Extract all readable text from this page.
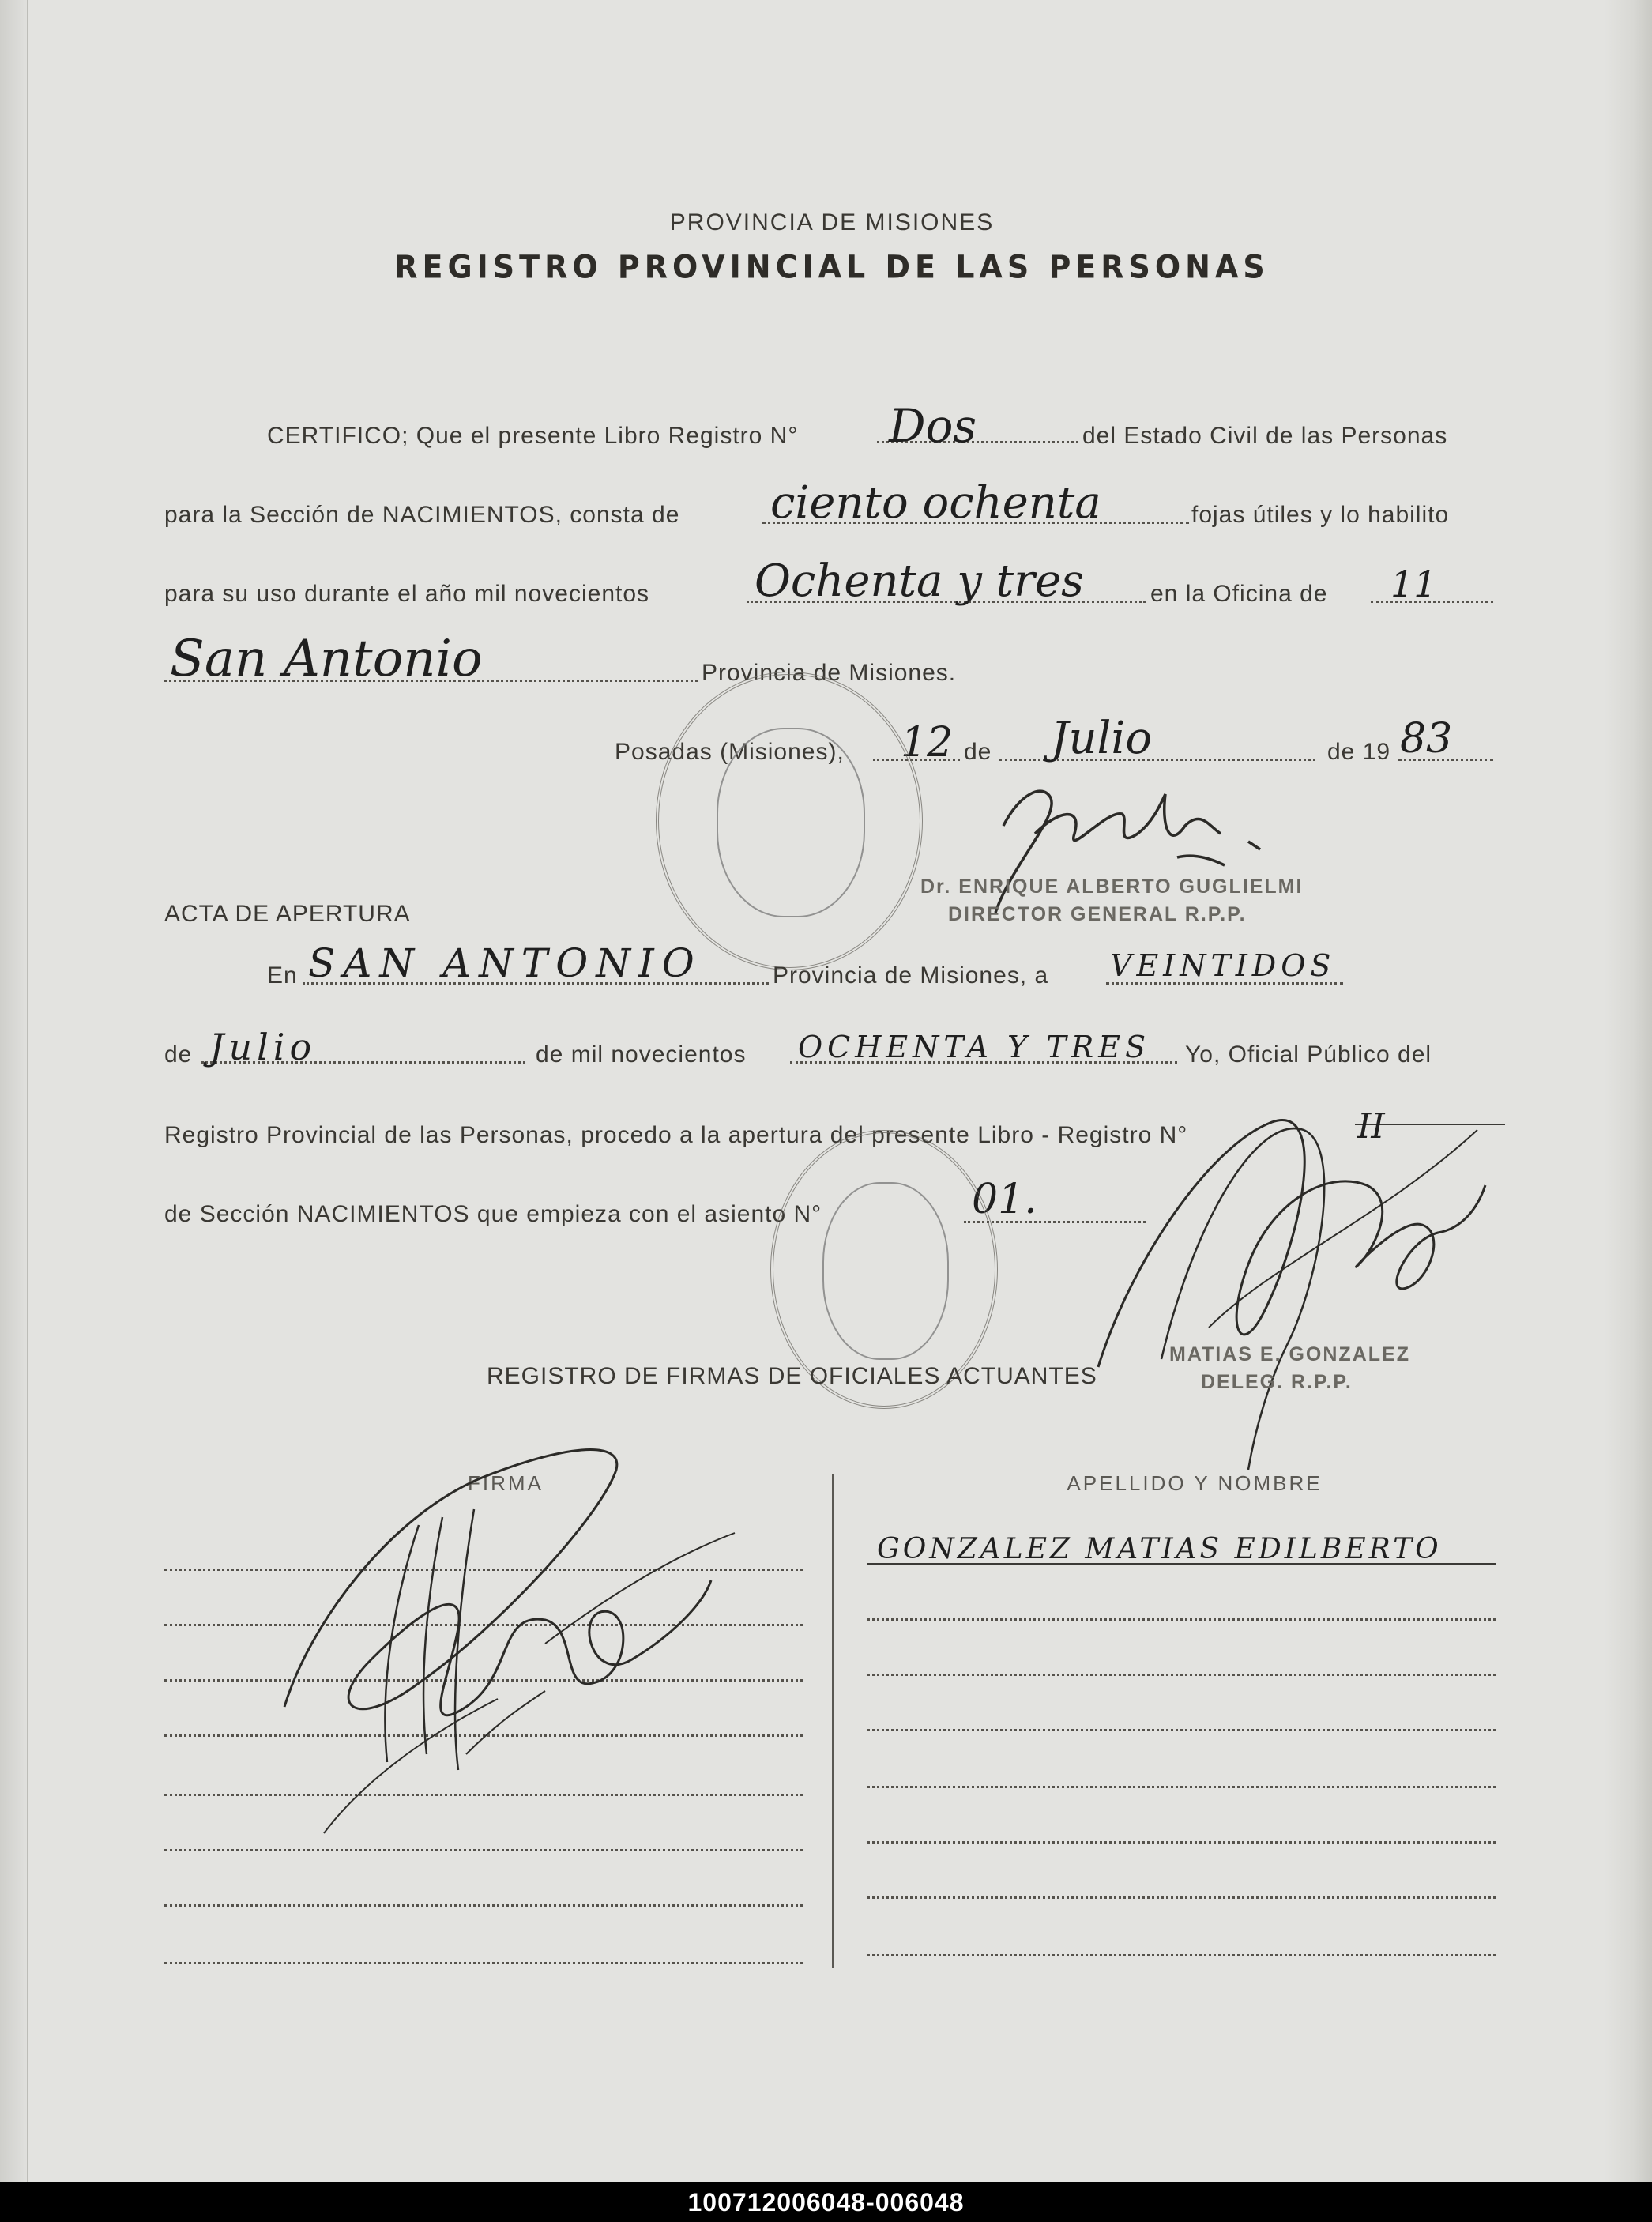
PROVINCIA DE MISIONES
REGISTRO PROVINCIAL DE LAS PERSONAS
CERTIFICO; Que el presente Libro Registro N° Dos	del Estado Civil de las Personas
para la Sección de NACIMIENTOS, consta de ciento ochenta	fojas útiles y lo habilito
para su uso durante el año mil novecientos Ochenta y tres	en la Oficina de 11
San Antonio	Provincia de Misiones.
Posadas (Misiones), 12 de Julio	de 19 83
Dr. ENRIQUE ALBERTO GUGLIELMI
DIRECTOR GENERAL R.P.P.
ACTA DE APERTURA
En SAN ANTONIO	Provincia de Misiones, a VEINTIDOS
de Julio	de mil novecientos OCHENTA Y TRES Yo, Oficial Público del
Registro Provincial de las Personas, procedo a la apertura del presente Libro - Registro N°	II
de Sección NACIMIENTOS que empieza con el asiento N°	01.
MATIAS E. GONZALEZ
DELEG. R.P.P.
REGISTRO DE FIRMAS DE OFICIALES ACTUANTES
FIRMA	APELLIDO Y NOMBRE
GONZALEZ MATIAS EDILBERTO
100712006048-006048
